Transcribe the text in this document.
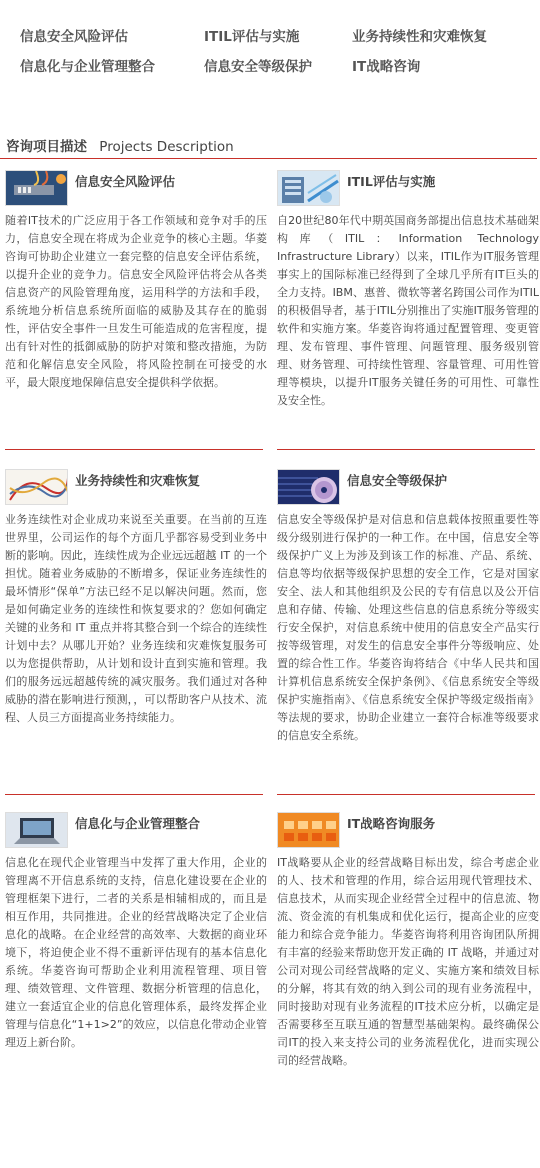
信息安全风险评估	ITIL评估与实施	业务持续性和灾难恢复
信息化与企业管理整合	信息安全等级保护	IT战略咨询
咨询项目描述 Projects Description
信息安全风险评估
随着IT技术的广泛应用于各工作领域和竞争对手的压力，信息安全现在将成为企业竞争的核心主题。华菱咨询可协助企业建立一套完整的信息安全评估系统，以提升企业的竞争力。信息安全风险评估将会从各类信息资产的风险管理角度，运用科学的方法和手段，系统地分析信息系统所面临的威胁及其存在的脆弱性，评估安全事件一旦发生可能造成的危害程度，提出有针对性的抵御威胁的防护对策和整改措施，为防范和化解信息安全风险，将风险控制在可接受的水平，最大限度地保障信息安全提供科学依据。
ITIL评估与实施
自20世纪80年代中期英国商务部提出信息技术基础架构库（ITIL：Information Technology Infrastructure Library）以来，ITIL作为IT服务管理事实上的国际标准已经得到了全球几乎所有IT巨头的全力支持。IBM、惠普、微软等著名跨国公司作为ITIL的积极倡导者，基于ITIL分别推出了实施IT服务管理的软件和实施方案。华菱咨询将通过配置管理、变更管理、发布管理、事件管理、问题管理、服务级别管理、财务管理、可持续性管理、容量管理、可用性管理等模块，以提升IT服务关键任务的可用性、可靠性及安全性。
业务持续性和灾难恢复
业务连续性对企业成功来说至关重要。在当前的互连世界里，公司运作的每个方面几乎都容易受到业务中断的影响。因此，连续性成为企业远远超越 IT 的一个担忧。随着业务威胁的不断增多，保证业务连续性的最坏情形“保单”方法已经不足以解决问题。然而，您是如何确定业务的连续性和恢复要求的？您如何确定关键的业务和 IT 重点并将其整合到一个综合的连续性计划中去？从哪儿开始？业务连续和灾难恢复服务可以为您提供帮助，从计划和设计直到实施和管理。我们的服务远远超越传统的减灾服务。我们通过对各种威胁的潜在影响进行预测，，可以帮助客户从技术、流程、人员三方面提高业务持续能力。
信息安全等级保护
信息安全等级保护是对信息和信息载体按照重要性等级分级别进行保护的一种工作。在中国，信息安全等级保护广义上为涉及到该工作的标准、产品、系统、信息等均依据等级保护思想的安全工作，它是对国家安全、法人和其他组织及公民的专有信息以及公开信息和存储、传输、处理这些信息的信息系统分等级实行安全保护，对信息系统中使用的信息安全产品实行按等级管理，对发生的信息安全事件分等级响应、处置的综合性工作。华菱咨询将结合《中华人民共和国计算机信息系统安全保护条例》、《信息系统安全等级保护实施指南》、《信息系统安全保护等级定级指南》等法规的要求，协助企业建立一套符合标准等级要求的信息安全系统。
信息化与企业管理整合
信息化在现代企业管理当中发挥了重大作用，企业的管理离不开信息系统的支持，信息化建设要在企业的管理框架下进行，二者的关系是相辅相成的，而且是相互作用，共同推进。企业的经营战略决定了企业信息化的战略。在企业经营的高效率、大数据的商业环境下，将迫使企业不得不重新评估现有的基本信息化系统。华菱咨询可帮助企业利用流程管理、项目管理、绩效管理、文件管理、数据分析管理的信息化，建立一套适宜企业的信息化管理体系，最终发挥企业管理与信息化“1+1>2”的效应，以信息化带动企业管理迈上新台阶。
IT战略咨询服务
IT战略要从企业的经营战略目标出发，综合考虑企业的人、技术和管理的作用，综合运用现代管理技术、信息技术，从而实现企业经营全过程中的信息流、物流、资金流的有机集成和优化运行，提高企业的应变能力和综合竞争能力。华菱咨询将利用咨询团队所拥有丰富的经验来帮助您开发正确的 IT 战略，并通过对公司对现公司经营战略的定义、实施方案和绩效目标的分解，将其有效的纳入到公司的现有业务流程中，同时接助对现有业务流程的IT技术应分析，以确定是否需要移至互联互通的智慧型基础架构。最终确保公司IT的投入来支持公司的业务流程优化，进而实现公司的经营战略。
